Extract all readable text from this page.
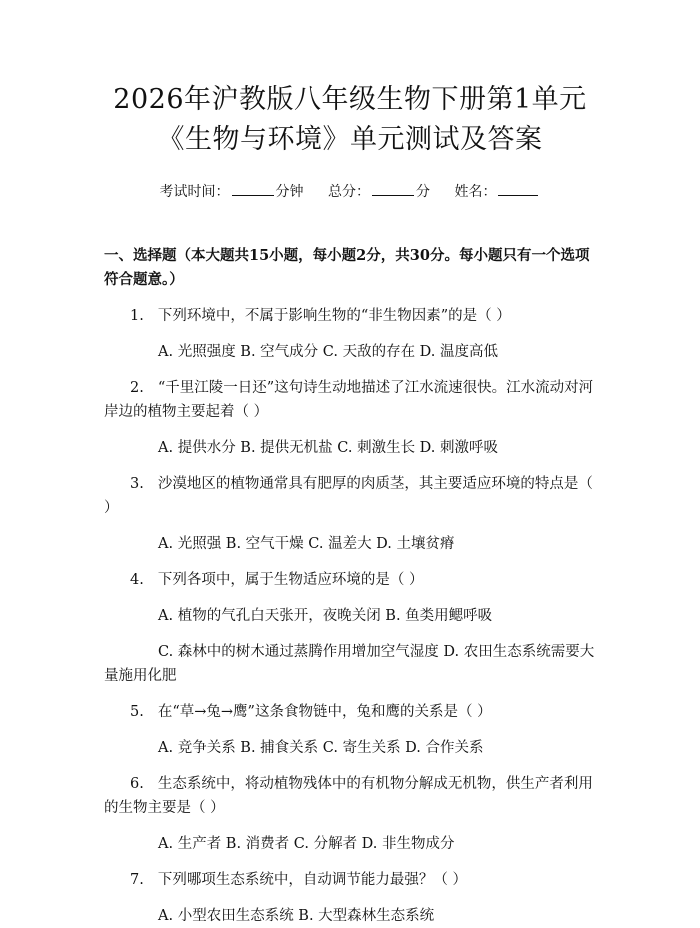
2026年沪教版八年级生物下册第1单元《生物与环境》单元测试及答案
考试时间：	分钟 总分：	分 姓名：
一、选择题（本大题共15小题，每小题2分，共30分。每小题只有一个选项符合题意。）
1. 下列环境中，不属于影响生物的“非生物因素”的是（ ）
A. 光照强度 B. 空气成分 C. 天敌的存在 D. 温度高低
2. “千里江陵一日还”这句诗生动地描述了江水流速很快。江水流动对河岸边的植物主要起着（ ）
A. 提供水分 B. 提供无机盐 C. 刺激生长 D. 刺激呼吸
3. 沙漠地区的植物通常具有肥厚的肉质茎，其主要适应环境的特点是（ ）
A. 光照强 B. 空气干燥 C. 温差大 D. 土壤贫瘠
4. 下列各项中，属于生物适应环境的是（ ）
A. 植物的气孔白天张开，夜晚关闭 B. 鱼类用鳃呼吸
C. 森林中的树木通过蒸腾作用增加空气湿度 D. 农田生态系统需要大量施用化肥
5. 在“草→兔→鹰”这条食物链中，兔和鹰的关系是（ ）
A. 竞争关系 B. 捕食关系 C. 寄生关系 D. 合作关系
6. 生态系统中，将动植物残体中的有机物分解成无机物，供生产者利用的生物主要是（ ）
A. 生产者 B. 消费者 C. 分解者 D. 非生物成分
7. 下列哪项生态系统中，自动调节能力最强？（ ）
A. 小型农田生态系统 B. 大型森林生态系统
